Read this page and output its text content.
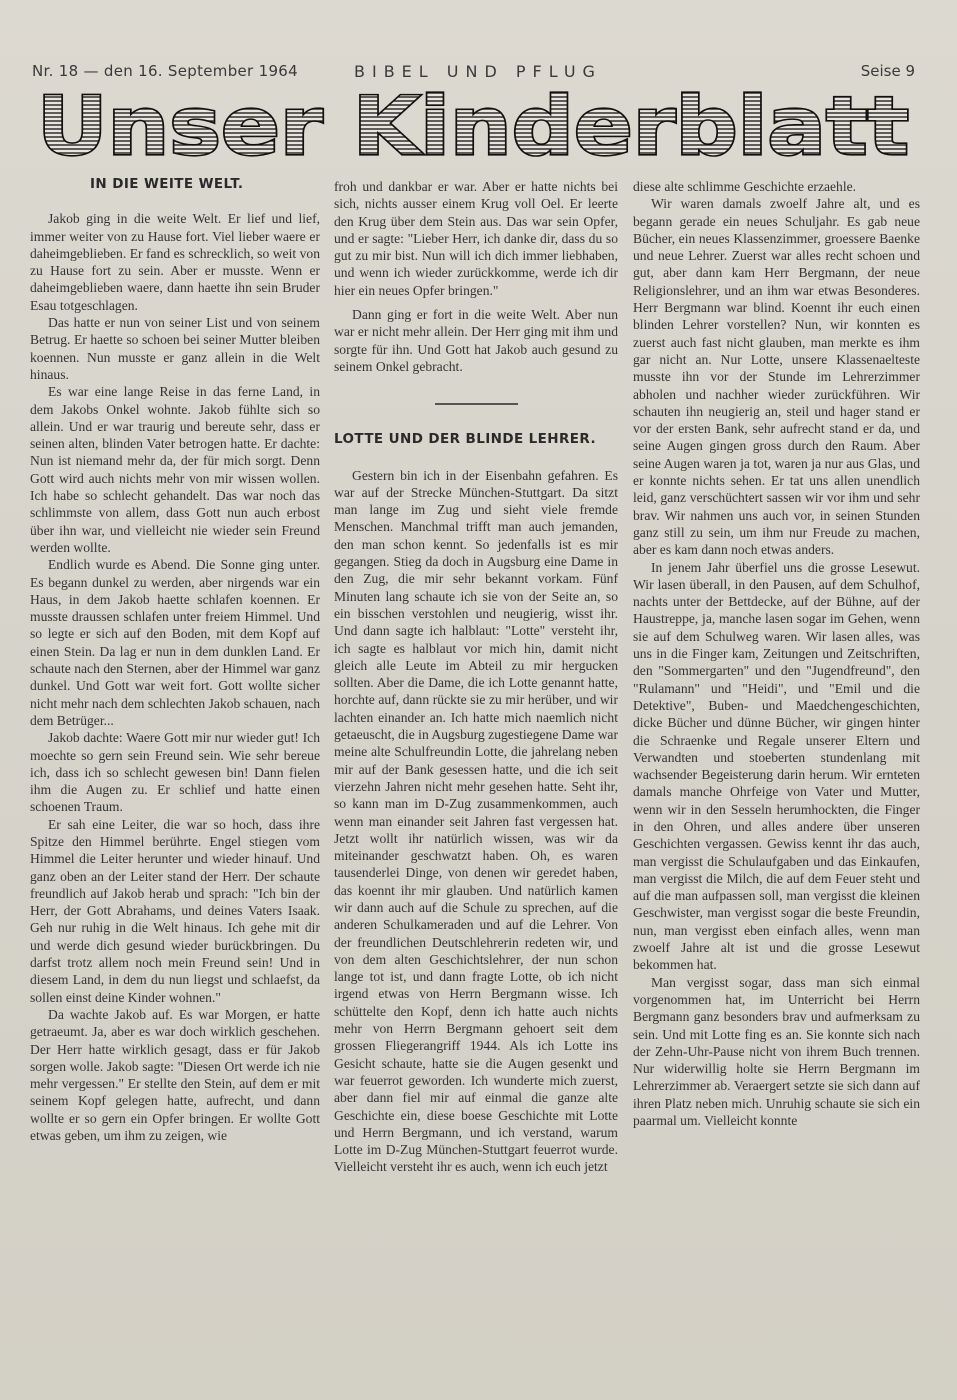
Nr. 18 — den 16. September 1964	BIBEL UND PFLUG	Seise 9
Unser Kinderblatt
IN DIE WEITE WELT.

Jakob ging in die weite Welt. Er lief und lief, immer weiter von zu Hause fort. Viel lieber waere er daheimgeblieben. Er fand es schrecklich, so weit von zu Hause fort zu sein. Aber er musste. Wenn er daheimgeblieben waere, dann haette ihn sein Bruder Esau totgeschlagen.

Das hatte er nun von seiner List und von seinem Betrug. Er haette so schoen bei seiner Mutter bleiben koennen. Nun musste er ganz allein in die Welt hinaus.

Es war eine lange Reise in das ferne Land, in dem Jakobs Onkel wohnte. Jakob fühlte sich so allein. Und er war traurig und bereute sehr, dass er seinen alten, blinden Vater betrogen hatte. Er dachte: Nun ist niemand mehr da, der für mich sorgt. Denn Gott wird auch nichts mehr von mir wissen wollen. Ich habe so schlecht gehandelt. Das war noch das schlimmste von allem, dass Gott nun auch erbost über ihn war, und vielleicht nie wieder sein Freund werden wollte.

Endlich wurde es Abend. Die Sonne ging unter. Es begann dunkel zu werden, aber nirgends war ein Haus, in dem Jakob haette schlafen koennen. Er musste draussen schlafen unter freiem Himmel. Und so legte er sich auf den Boden, mit dem Kopf auf einen Stein. Da lag er nun in dem dunklen Land. Er schaute nach den Sternen, aber der Himmel war ganz dunkel. Und Gott war weit fort. Gott wollte sicher nicht mehr nach dem schlechten Jakob schauen, nach dem Betrüger...

Jakob dachte: Waere Gott mir nur wieder gut! Ich moechte so gern sein Freund sein. Wie sehr bereue ich, dass ich so schlecht gewesen bin! Dann fielen ihm die Augen zu. Er schlief und hatte einen schoenen Traum.

Er sah eine Leiter, die war so hoch, dass ihre Spitze den Himmel berührte. Engel stiegen vom Himmel die Leiter herunter und wieder hinauf. Und ganz oben an der Leiter stand der Herr. Der schaute freundlich auf Jakob herab und sprach: "Ich bin der Herr, der Gott Abrahams, und deines Vaters Isaak. Geh nur ruhig in die Welt hinaus. Ich gehe mit dir und werde dich gesund wieder burückbringen. Du darfst trotz allem noch mein Freund sein! Und in diesem Land, in dem du nun liegst und schlaefst, da sollen einst deine Kinder wohnen."

Da wachte Jakob auf. Es war Morgen, er hatte getraeumt. Ja, aber es war doch wirklich geschehen. Der Herr hatte wirklich gesagt, dass er für Jakob sorgen wolle. Jakob sagte: "Diesen Ort werde ich nie mehr vergessen." Er stellte den Stein, auf dem er mit seinem Kopf gelegen hatte, aufrecht, und dann wollte er so gern ein Opfer bringen. Er wollte Gott etwas geben, um ihm zu zeigen, wie

froh und dankbar er war. Aber er hatte nichts bei sich, nichts ausser einem Krug voll Oel. Er leerte den Krug über dem Stein aus. Das war sein Opfer, und er sagte: "Lieber Herr, ich danke dir, dass du so gut zu mir bist. Nun will ich dich immer liebhaben, und wenn ich wieder zurückkomme, werde ich dir hier ein neues Opfer bringen."

Dann ging er fort in die weite Welt. Aber nun war er nicht mehr allein. Der Herr ging mit ihm und sorgte für ihn. Und Gott hat Jakob auch gesund zu seinem Onkel gebracht.

LOTTE UND DER BLINDE LEHRER.

Gestern bin ich in der Eisenbahn gefahren. Es war auf der Strecke München-Stuttgart. Da sitzt man lange im Zug und sieht viele fremde Menschen. Manchmal trifft man auch jemanden, den man schon kennt. So jedenfalls ist es mir gegangen. Stieg da doch in Augsburg eine Dame in den Zug, die mir sehr bekannt vorkam. Fünf Minuten lang schaute ich sie von der Seite an, so ein bisschen verstohlen und neugierig, wisst ihr. Und dann sagte ich halblaut: "Lotte" versteht ihr, ich sagte es halblaut vor mich hin, damit nicht gleich alle Leute im Abteil zu mir hergucken sollten. Aber die Dame, die ich Lotte genannt hatte, horchte auf, dann rückte sie zu mir herüber, und wir lachten einander an. Ich hatte mich naemlich nicht getaeuscht, die in Augsburg zugestiegene Dame war meine alte Schulfreundin Lotte, die jahrelang neben mir auf der Bank gesessen hatte, und die ich seit vierzehn Jahren nicht mehr gesehen hatte. Seht ihr, so kann man im D-Zug zusammenkommen, auch wenn man einander seit Jahren fast vergessen hat. Jetzt wollt ihr natürlich wissen, was wir da miteinander geschwatzt haben. Oh, es waren tausenderlei Dinge, von denen wir geredet haben, das koennt ihr mir glauben. Und natürlich kamen wir dann auch auf die Schule zu sprechen, auf die anderen Schulkameraden und auf die Lehrer. Von der freundlichen Deutschlehrerin redeten wir, und von dem alten Geschichtslehrer, der nun schon lange tot ist, und dann fragte Lotte, ob ich nicht irgend etwas von Herrn Bergmann wisse. Ich schüttelte den Kopf, denn ich hatte auch nichts mehr von Herrn Bergmann gehoert seit dem grossen Fliegerangriff 1944. Als ich Lotte ins Gesicht schaute, hatte sie die Augen gesenkt und war feuerrot geworden. Ich wunderte mich zuerst, aber dann fiel mir auf einmal die ganze alte Geschichte ein, diese boese Geschichte mit Lotte und Herrn Bergmann, und ich verstand, warum Lotte im D-Zug München-Stuttgart feuerrot wurde. Vielleicht versteht ihr es auch, wenn ich euch jetzt

diese alte schlimme Geschichte erzaehle.

Wir waren damals zwoelf Jahre alt, und es begann gerade ein neues Schuljahr. Es gab neue Bücher, ein neues Klassenzimmer, groessere Baenke und neue Lehrer. Zuerst war alles recht schoen und gut, aber dann kam Herr Bergmann, der neue Religionslehrer, und an ihm war etwas Besonderes. Herr Bergmann war blind. Koennt ihr euch einen blinden Lehrer vorstellen? Nun, wir konnten es zuerst auch fast nicht glauben, man merkte es ihm gar nicht an. Nur Lotte, unsere Klassenaelteste musste ihn vor der Stunde im Lehrerzimmer abholen und nachher wieder zurückführen. Wir schauten ihn neugierig an, steil und hager stand er vor der ersten Bank, sehr aufrecht stand er da, und seine Augen gingen gross durch den Raum. Aber seine Augen waren ja tot, waren ja nur aus Glas, und er konnte nichts sehen. Er tat uns allen unendlich leid, ganz verschüchtert sassen wir vor ihm und sehr brav. Wir nahmen uns auch vor, in seinen Stunden ganz still zu sein, um ihm nur Freude zu machen, aber es kam dann noch etwas anders.

In jenem Jahr überfiel uns die grosse Lesewut. Wir lasen überall, in den Pausen, auf dem Schulhof, nachts unter der Bettdecke, auf der Bühne, auf der Haustreppe, ja, manche lasen sogar im Gehen, wenn sie auf dem Schulweg waren. Wir lasen alles, was uns in die Finger kam, Zeitungen und Zeitschriften, den "Sommergarten" und den "Jugendfreund", den "Rulamann" und "Heidi", und "Emil und die Detektive", Buben- und Maedchengeschichten, dicke Bücher und dünne Bücher, wir gingen hinter die Schraenke und Regale unserer Eltern und Verwandten und stoeberten stundenlang mit wachsender Begeisterung darin herum. Wir ernteten damals manche Ohrfeige von Vater und Mutter, wenn wir in den Sesseln herumhockten, die Finger in den Ohren, und alles andere über unseren Geschichten vergassen. Gewiss kennt ihr das auch, man vergisst die Schulaufgaben und das Einkaufen, man vergisst die Milch, die auf dem Feuer steht und auf die man aufpassen soll, man vergisst die kleinen Geschwister, man vergisst sogar die beste Freundin, nun, man vergisst eben einfach alles, wenn man zwoelf Jahre alt ist und die grosse Lesewut bekommen hat.

Man vergisst sogar, dass man sich einmal vorgenommen hat, im Unterricht bei Herrn Bergmann ganz besonders brav und aufmerksam zu sein. Und mit Lotte fing es an. Sie konnte sich nach der Zehn-Uhr-Pause nicht von ihrem Buch trennen. Nur widerwillig holte sie Herrn Bergmann im Lehrerzimmer ab. Veraergert setzte sie sich dann auf ihren Platz neben mich. Unruhig schaute sie sich ein paarmal um. Vielleicht konnte
